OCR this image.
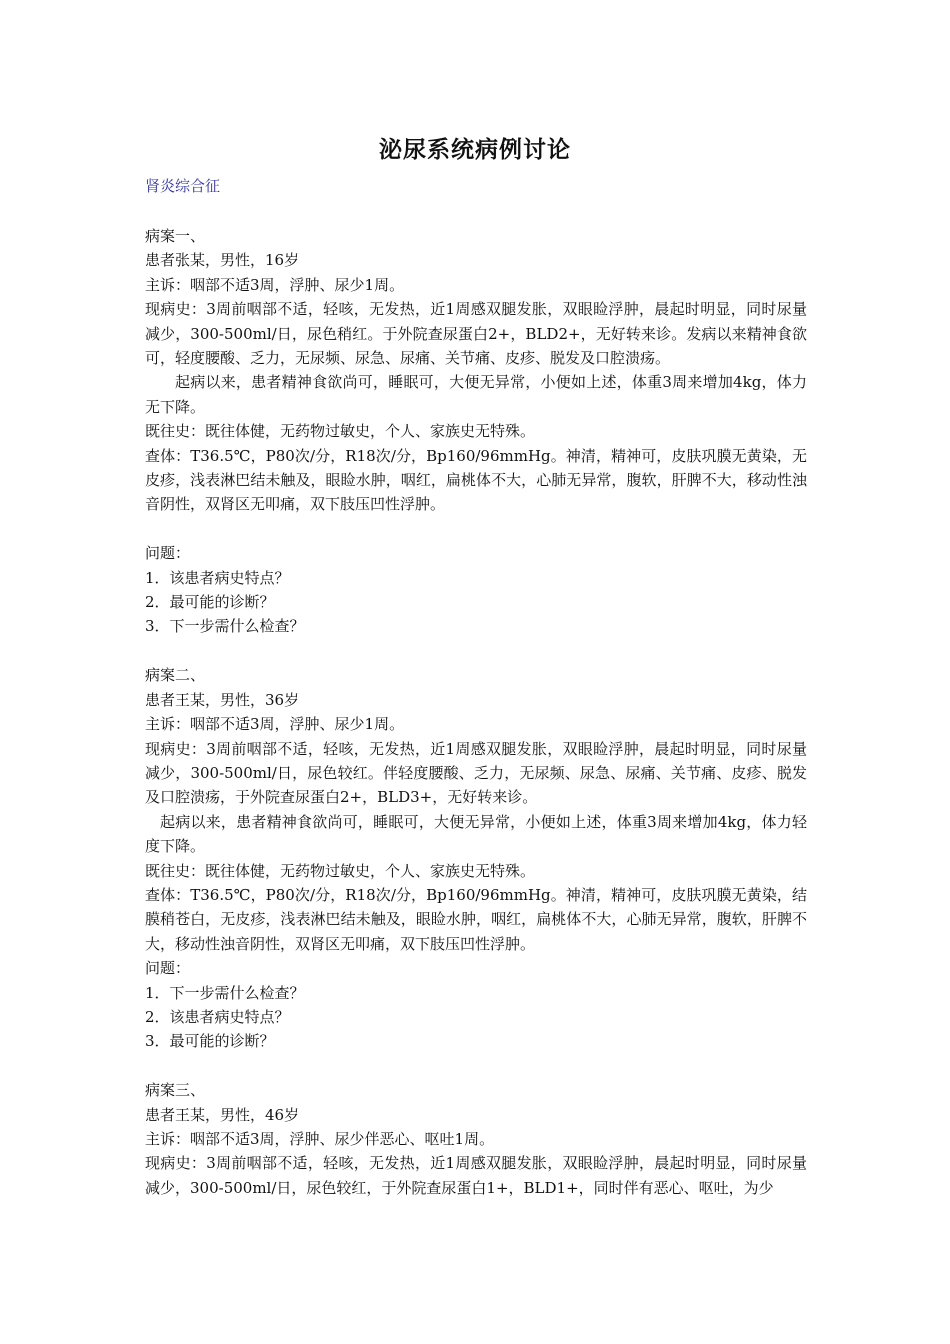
泌尿系统病例讨论
肾炎综合征

病案一、

患者张某，男性，16岁

主诉：咽部不适3周，浮肿、尿少1周。

现病史：3周前咽部不适，轻咳，无发热，近1周感双腿发胀，双眼睑浮肿，晨起时明显，同时尿量减少，300-500ml/日，尿色稍红。于外院查尿蛋白2+，BLD2+，无好转来诊。发病以来精神食欲可，轻度腰酸、乏力，无尿频、尿急、尿痛、关节痛、皮疹、脱发及口腔溃疡。

起病以来，患者精神食欲尚可，睡眠可，大便无异常，小便如上述，体重3周来增加4kg，体力无下降。

既往史：既往体健，无药物过敏史，个人、家族史无特殊。

查体：T36.5℃，P80次/分，R18次/分，Bp160/96mmHg。神清，精神可，皮肤巩膜无黄染，无皮疹，浅表淋巴结未触及，眼睑水肿，咽红，扁桃体不大，心肺无异常，腹软，肝脾不大，移动性浊音阴性，双肾区无叩痛，双下肢压凹性浮肿。

问题：

1．该患者病史特点？

2．最可能的诊断？

3．下一步需什么检查？

病案二、

患者王某，男性，36岁

主诉：咽部不适3周，浮肿、尿少1周。

现病史：3周前咽部不适，轻咳，无发热，近1周感双腿发胀，双眼睑浮肿，晨起时明显，同时尿量减少，300-500ml/日，尿色较红。伴轻度腰酸、乏力，无尿频、尿急、尿痛、关节痛、皮疹、脱发及口腔溃疡，于外院查尿蛋白2+，BLD3+，无好转来诊。

起病以来，患者精神食欲尚可，睡眠可，大便无异常，小便如上述，体重3周来增加4kg，体力轻度下降。

既往史：既往体健，无药物过敏史，个人、家族史无特殊。

查体：T36.5℃，P80次/分，R18次/分，Bp160/96mmHg。神清，精神可，皮肤巩膜无黄染，结膜稍苍白，无皮疹，浅表淋巴结未触及，眼睑水肿，咽红，扁桃体不大，心肺无异常，腹软，肝脾不大，移动性浊音阴性，双肾区无叩痛，双下肢压凹性浮肿。

问题：

1．下一步需什么检查？

2．该患者病史特点？

3．最可能的诊断？

病案三、

患者王某，男性，46岁

主诉：咽部不适3周，浮肿、尿少伴恶心、呕吐1周。

现病史：3周前咽部不适，轻咳，无发热，近1周感双腿发胀，双眼睑浮肿，晨起时明显，同时尿量减少，300-500ml/日，尿色较红，于外院查尿蛋白1+，BLD1+，同时伴有恶心、呕吐，为少
